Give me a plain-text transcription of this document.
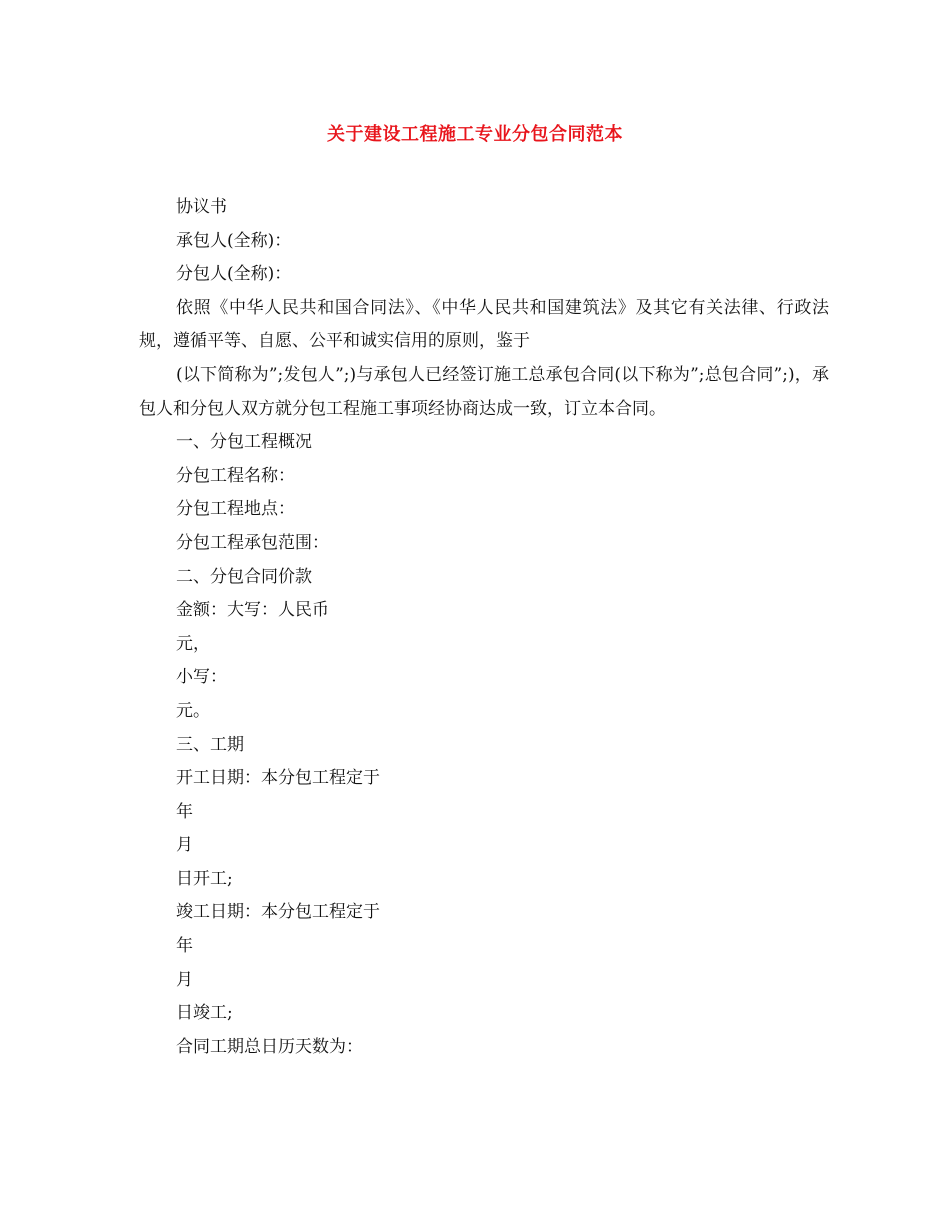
关于建设工程施工专业分包合同范本

协议书

承包人(全称)：

分包人(全称)：

依照《中华人民共和国合同法》、《中华人民共和国建筑法》及其它有关法律、行政法规，遵循平等、自愿、公平和诚实信用的原则，鉴于

(以下简称为”;发包人”;)与承包人已经签订施工总承包合同(以下称为”;总包合同”;)，承包人和分包人双方就分包工程施工事项经协商达成一致，订立本合同。

一、分包工程概况

分包工程名称：

分包工程地点：

分包工程承包范围：

二、分包合同价款

金额：大写：人民币

元，

小写：

元。

三、工期

开工日期：本分包工程定于

年

月

日开工;

竣工日期：本分包工程定于

年

月

日竣工;

合同工期总日历天数为：
